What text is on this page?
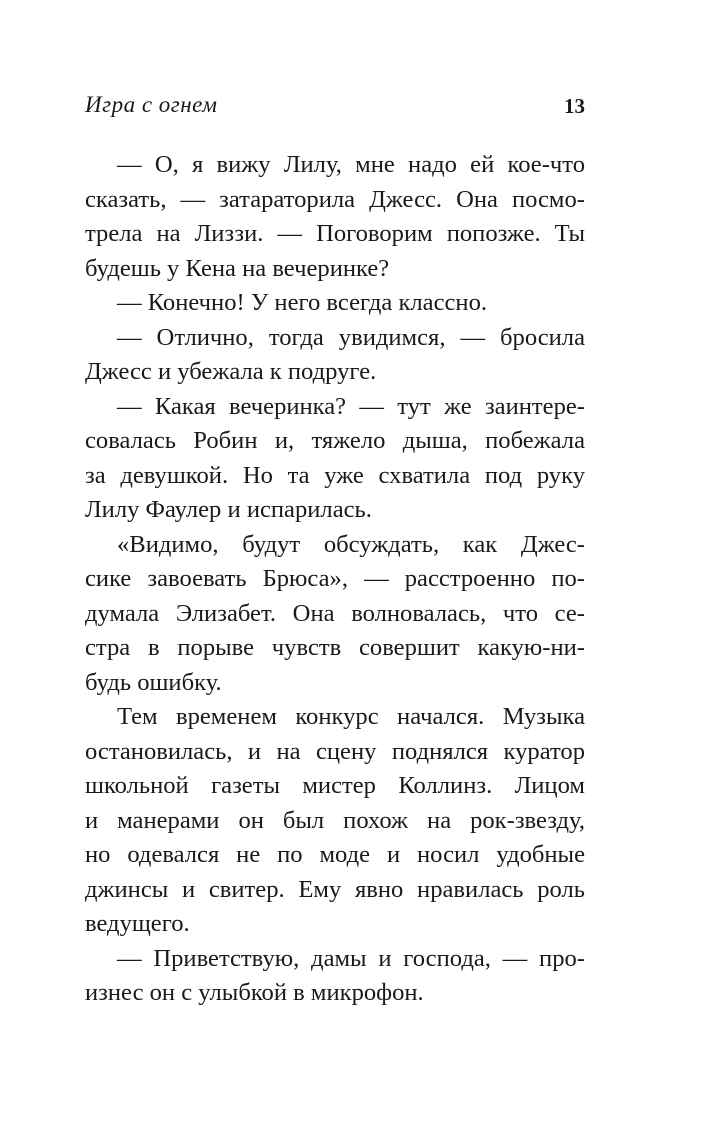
Игра с огнем	13
— О, я вижу Лилу, мне надо ей кое-что
сказать, — затараторила Джесс. Она посмо-
трела на Лиззи. — Поговорим попозже. Ты
будешь у Кена на вечеринке?
— Конечно! У него всегда классно.
— Отлично, тогда увидимся, — бросила
Джесс и убежала к подруге.
— Какая вечеринка? — тут же заинтере-
совалась Робин и, тяжело дыша, побежала
за девушкой. Но та уже схватила под руку
Лилу Фаулер и испарилась.
«Видимо, будут обсуждать, как Джес-
сике завоевать Брюса», — расстроенно по-
думала Элизабет. Она волновалась, что се-
стра в порыве чувств совершит какую-ни-
будь ошибку.
Тем временем конкурс начался. Музыка
остановилась, и на сцену поднялся куратор
школьной газеты мистер Коллинз. Лицом
и манерами он был похож на рок-звезду,
но одевался не по моде и носил удобные
джинсы и свитер. Ему явно нравилась роль
ведущего.
— Приветствую, дамы и господа, — про-
изнес он с улыбкой в микрофон.
